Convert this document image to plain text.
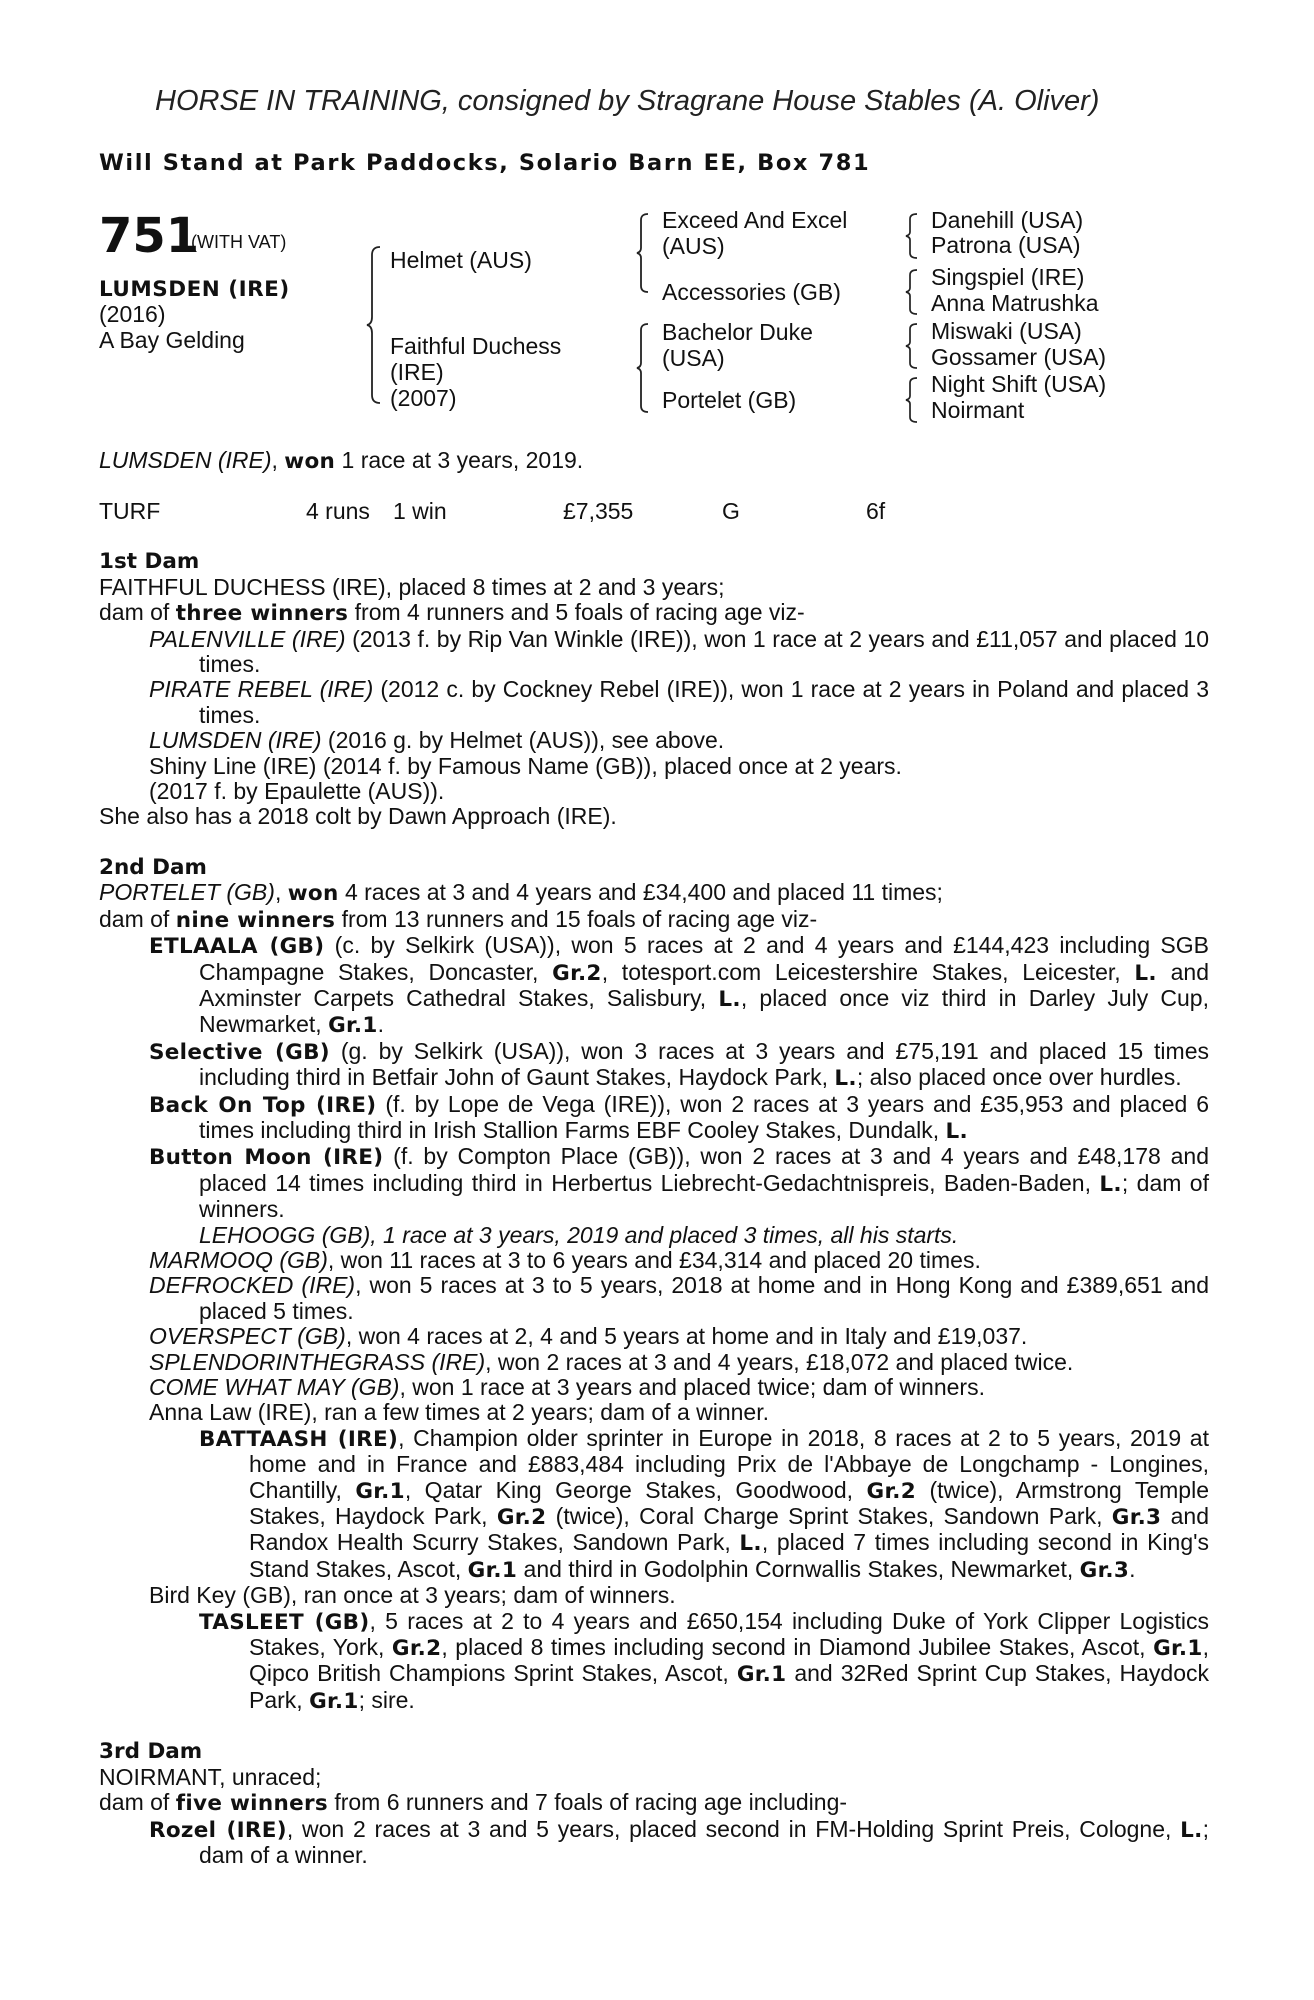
HORSE IN TRAINING, consigned by Stragrane House Stables (A. Oliver)
Will Stand at Park Paddocks, Solario Barn EE, Box 781
751
(WITH VAT)
LUMSDEN (IRE)
(2016)
A Bay Gelding
Helmet (AUS)
Faithful Duchess
(IRE)
(2007)
Exceed And Excel
(AUS)
Accessories (GB)
Bachelor Duke
(USA)
Portelet (GB)
Danehill (USA)
Patrona (USA)
Singspiel (IRE)
Anna Matrushka
Miswaki (USA)
Gossamer (USA)
Night Shift (USA)
Noirmant

LUMSDEN (IRE), won 1 race at 3 years, 2019.

TURF	4 runs 1 win	£7,355	G	6f

1st Dam

FAITHFUL DUCHESS (IRE), placed 8 times at 2 and 3 years;

dam of three winners from 4 runners and 5 foals of racing age viz-

PALENVILLE (IRE) (2013 f. by Rip Van Winkle (IRE)), won 1 race at 2 years and £11,057 and placed 10 times.

PIRATE REBEL (IRE) (2012 c. by Cockney Rebel (IRE)), won 1 race at 2 years in Poland and placed 3 times.

LUMSDEN (IRE) (2016 g. by Helmet (AUS)), see above.

Shiny Line (IRE) (2014 f. by Famous Name (GB)), placed once at 2 years.

(2017 f. by Epaulette (AUS)).

She also has a 2018 colt by Dawn Approach (IRE).

2nd Dam

PORTELET (GB), won 4 races at 3 and 4 years and £34,400 and placed 11 times;

dam of nine winners from 13 runners and 15 foals of racing age viz-

ETLAALA (GB) (c. by Selkirk (USA)), won 5 races at 2 and 4 years and £144,423 including SGB Champagne Stakes, Doncaster, Gr.2, totesport.com Leicestershire Stakes, Leicester, L. and Axminster Carpets Cathedral Stakes, Salisbury, L., placed once viz third in Darley July Cup, Newmarket, Gr.1.

Selective (GB) (g. by Selkirk (USA)), won 3 races at 3 years and £75,191 and placed 15 times including third in Betfair John of Gaunt Stakes, Haydock Park, L.; also placed once over hurdles.

Back On Top (IRE) (f. by Lope de Vega (IRE)), won 2 races at 3 years and £35,953 and placed 6 times including third in Irish Stallion Farms EBF Cooley Stakes, Dundalk, L.

Button Moon (IRE) (f. by Compton Place (GB)), won 2 races at 3 and 4 years and £48,178 and placed 14 times including third in Herbertus Liebrecht-Gedachtnispreis, Baden-Baden, L.; dam of winners.

LEHOOGG (GB), 1 race at 3 years, 2019 and placed 3 times, all his starts.

MARMOOQ (GB), won 11 races at 3 to 6 years and £34,314 and placed 20 times.

DEFROCKED (IRE), won 5 races at 3 to 5 years, 2018 at home and in Hong Kong and £389,651 and placed 5 times.

OVERSPECT (GB), won 4 races at 2, 4 and 5 years at home and in Italy and £19,037.

SPLENDORINTHEGRASS (IRE), won 2 races at 3 and 4 years, £18,072 and placed twice.

COME WHAT MAY (GB), won 1 race at 3 years and placed twice; dam of winners.

Anna Law (IRE), ran a few times at 2 years; dam of a winner.

BATTAASH (IRE), Champion older sprinter in Europe in 2018, 8 races at 2 to 5 years, 2019 at home and in France and £883,484 including Prix de l'Abbaye de Longchamp - Longines, Chantilly, Gr.1, Qatar King George Stakes, Goodwood, Gr.2 (twice), Armstrong Temple Stakes, Haydock Park, Gr.2 (twice), Coral Charge Sprint Stakes, Sandown Park, Gr.3 and Randox Health Scurry Stakes, Sandown Park, L., placed 7 times including second in King's Stand Stakes, Ascot, Gr.1 and third in Godolphin Cornwallis Stakes, Newmarket, Gr.3.

Bird Key (GB), ran once at 3 years; dam of winners.

TASLEET (GB), 5 races at 2 to 4 years and £650,154 including Duke of York Clipper Logistics Stakes, York, Gr.2, placed 8 times including second in Diamond Jubilee Stakes, Ascot, Gr.1, Qipco British Champions Sprint Stakes, Ascot, Gr.1 and 32Red Sprint Cup Stakes, Haydock Park, Gr.1; sire.

3rd Dam

NOIRMANT, unraced;

dam of five winners from 6 runners and 7 foals of racing age including-

Rozel (IRE), won 2 races at 3 and 5 years, placed second in FM-Holding Sprint Preis, Cologne, L.; dam of a winner.
